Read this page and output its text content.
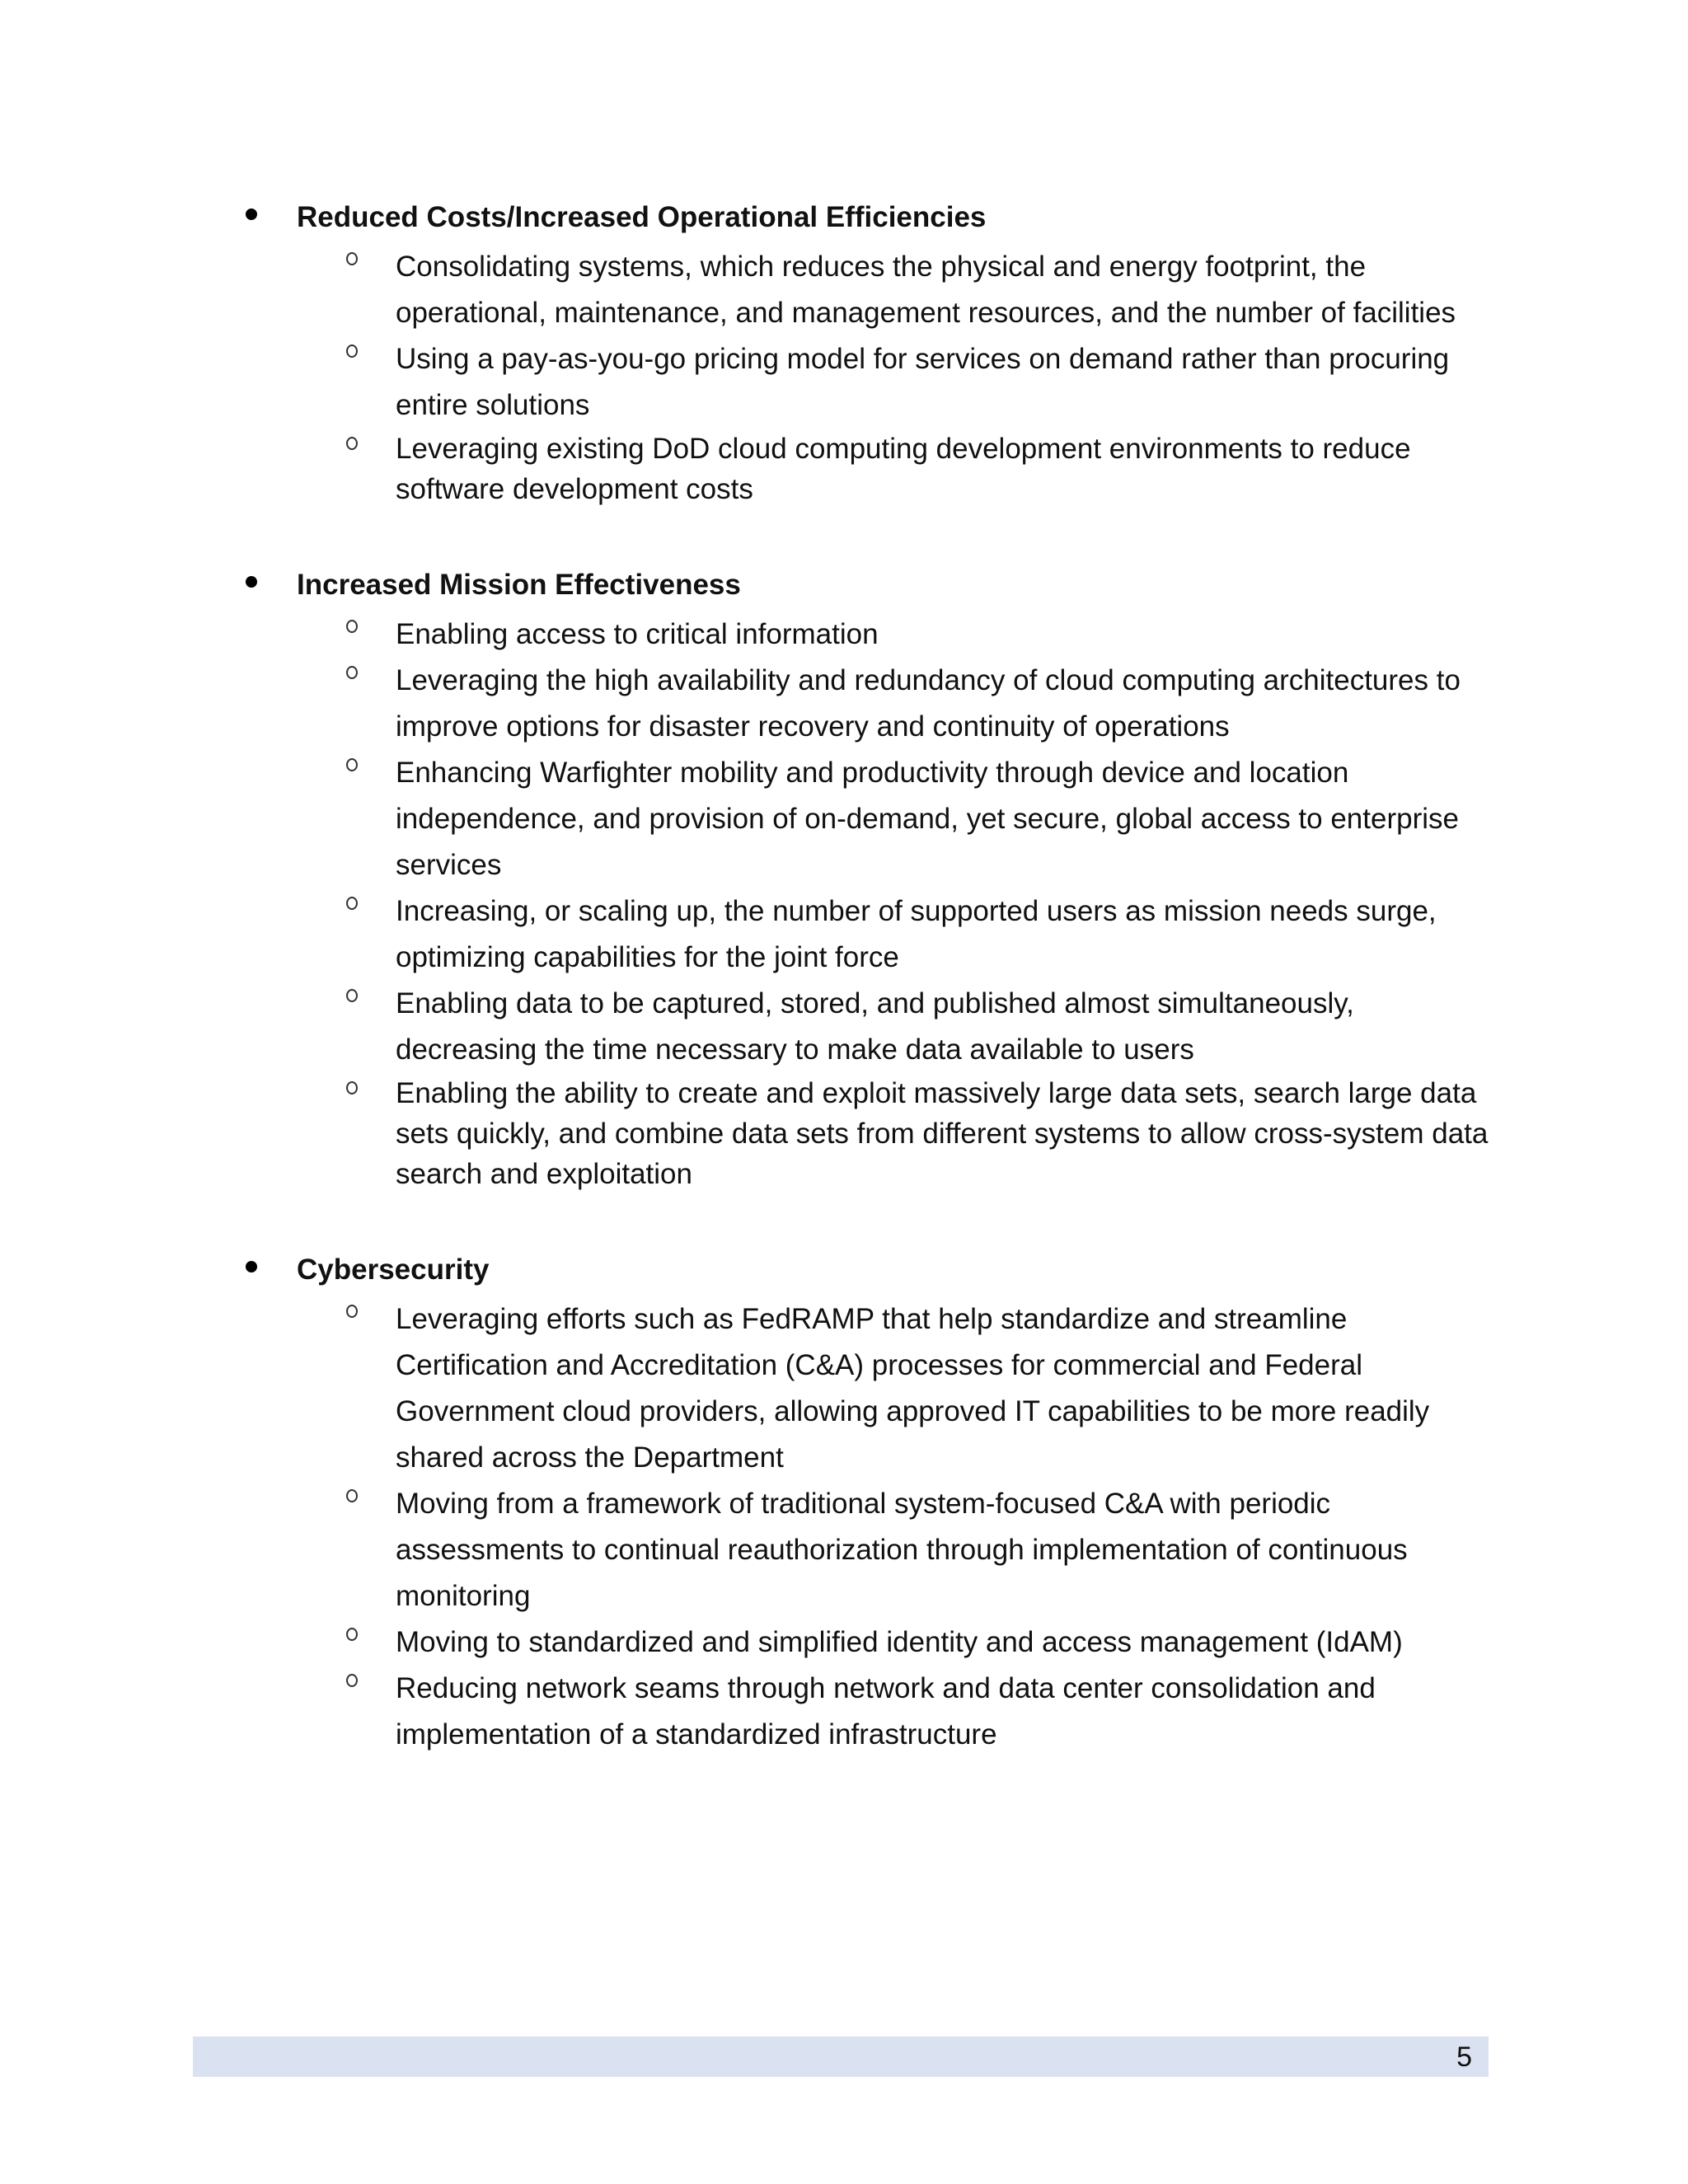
Reduced Costs/Increased Operational Efficiencies
Consolidating systems, which reduces the physical and energy footprint, the operational, maintenance, and management resources, and the number of facilities
Using a pay-as-you-go pricing model for services on demand rather than procuring entire solutions
Leveraging existing DoD cloud computing development environments to reduce software development costs
Increased Mission Effectiveness
Enabling access to critical information
Leveraging the high availability and redundancy of cloud computing architectures to improve options for disaster recovery and continuity of operations
Enhancing Warfighter mobility and productivity through device and location independence, and provision of on-demand, yet secure, global access to enterprise services
Increasing, or scaling up, the number of supported users as mission needs surge, optimizing capabilities for the joint force
Enabling data to be captured, stored, and published almost simultaneously, decreasing the time necessary to make data available to users
Enabling the ability to create and exploit massively large data sets, search large data sets quickly, and combine data sets from different systems to allow cross-system data search and exploitation
Cybersecurity
Leveraging efforts such as FedRAMP that help standardize and streamline Certification and Accreditation (C&A) processes for commercial and Federal Government cloud providers, allowing approved IT capabilities to be more readily shared across the Department
Moving from a framework of traditional system-focused C&A with periodic assessments to continual reauthorization through implementation of continuous monitoring
Moving to standardized and simplified identity and access management (IdAM)
Reducing network seams through network and data center consolidation and implementation of a standardized infrastructure
5
